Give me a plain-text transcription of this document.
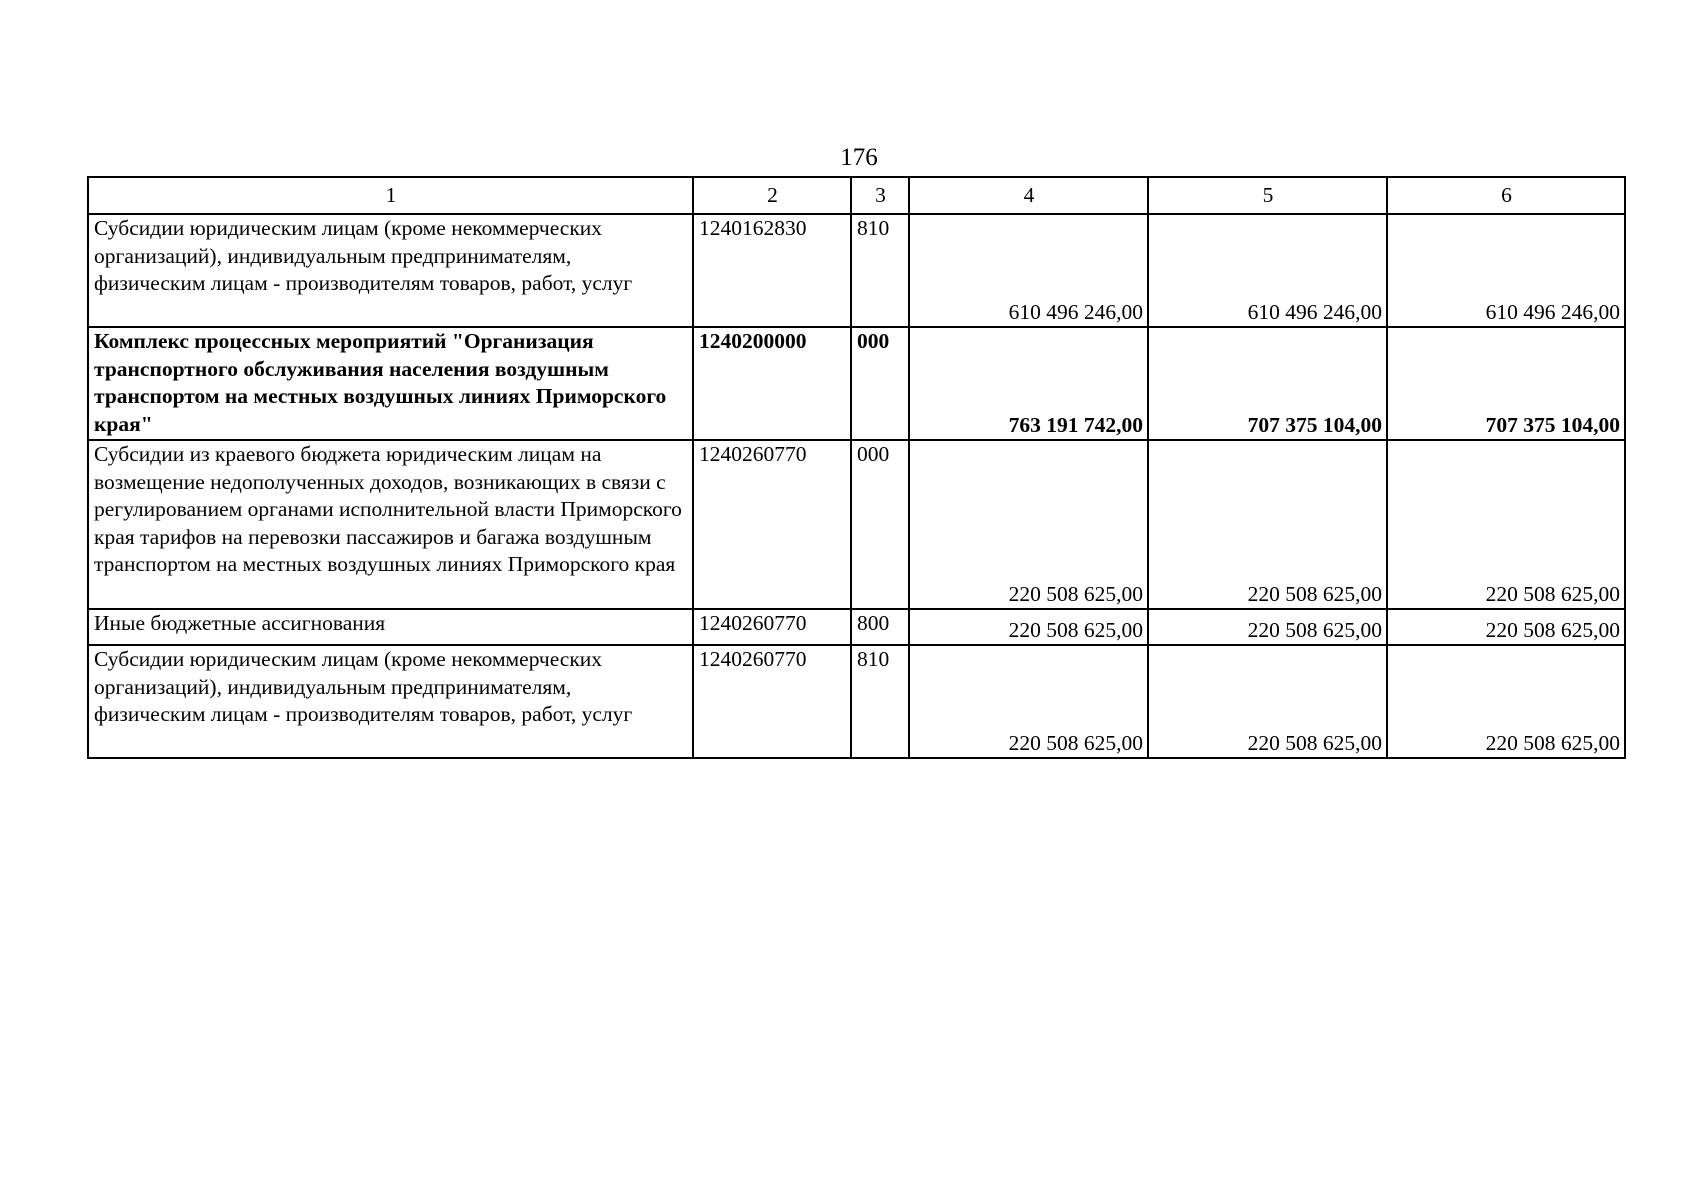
176
1	2	3	4	5	6
Субсидии юридическим лицам (кроме некоммерческих организаций), индивидуальным предпринимателям, физическим лицам - производителям товаров, работ, услуг	1240162830	810	610 496 246,00	610 496 246,00	610 496 246,00
Комплекс процессных мероприятий "Организация транспортного обслуживания населения воздушным транспортом на местных воздушных линиях Приморского края"	1240200000	000	763 191 742,00	707 375 104,00	707 375 104,00
Субсидии из краевого бюджета юридическим лицам на возмещение недополученных доходов, возникающих в связи с регулированием органами исполнительной власти Приморского края тарифов на перевозки пассажиров и багажа воздушным транспортом на местных воздушных линиях Приморского края	1240260770	000	220 508 625,00	220 508 625,00	220 508 625,00
Иные бюджетные ассигнования	1240260770	800	220 508 625,00	220 508 625,00	220 508 625,00
Субсидии юридическим лицам (кроме некоммерческих организаций), индивидуальным предпринимателям, физическим лицам - производителям товаров, работ, услуг	1240260770	810	220 508 625,00	220 508 625,00	220 508 625,00
